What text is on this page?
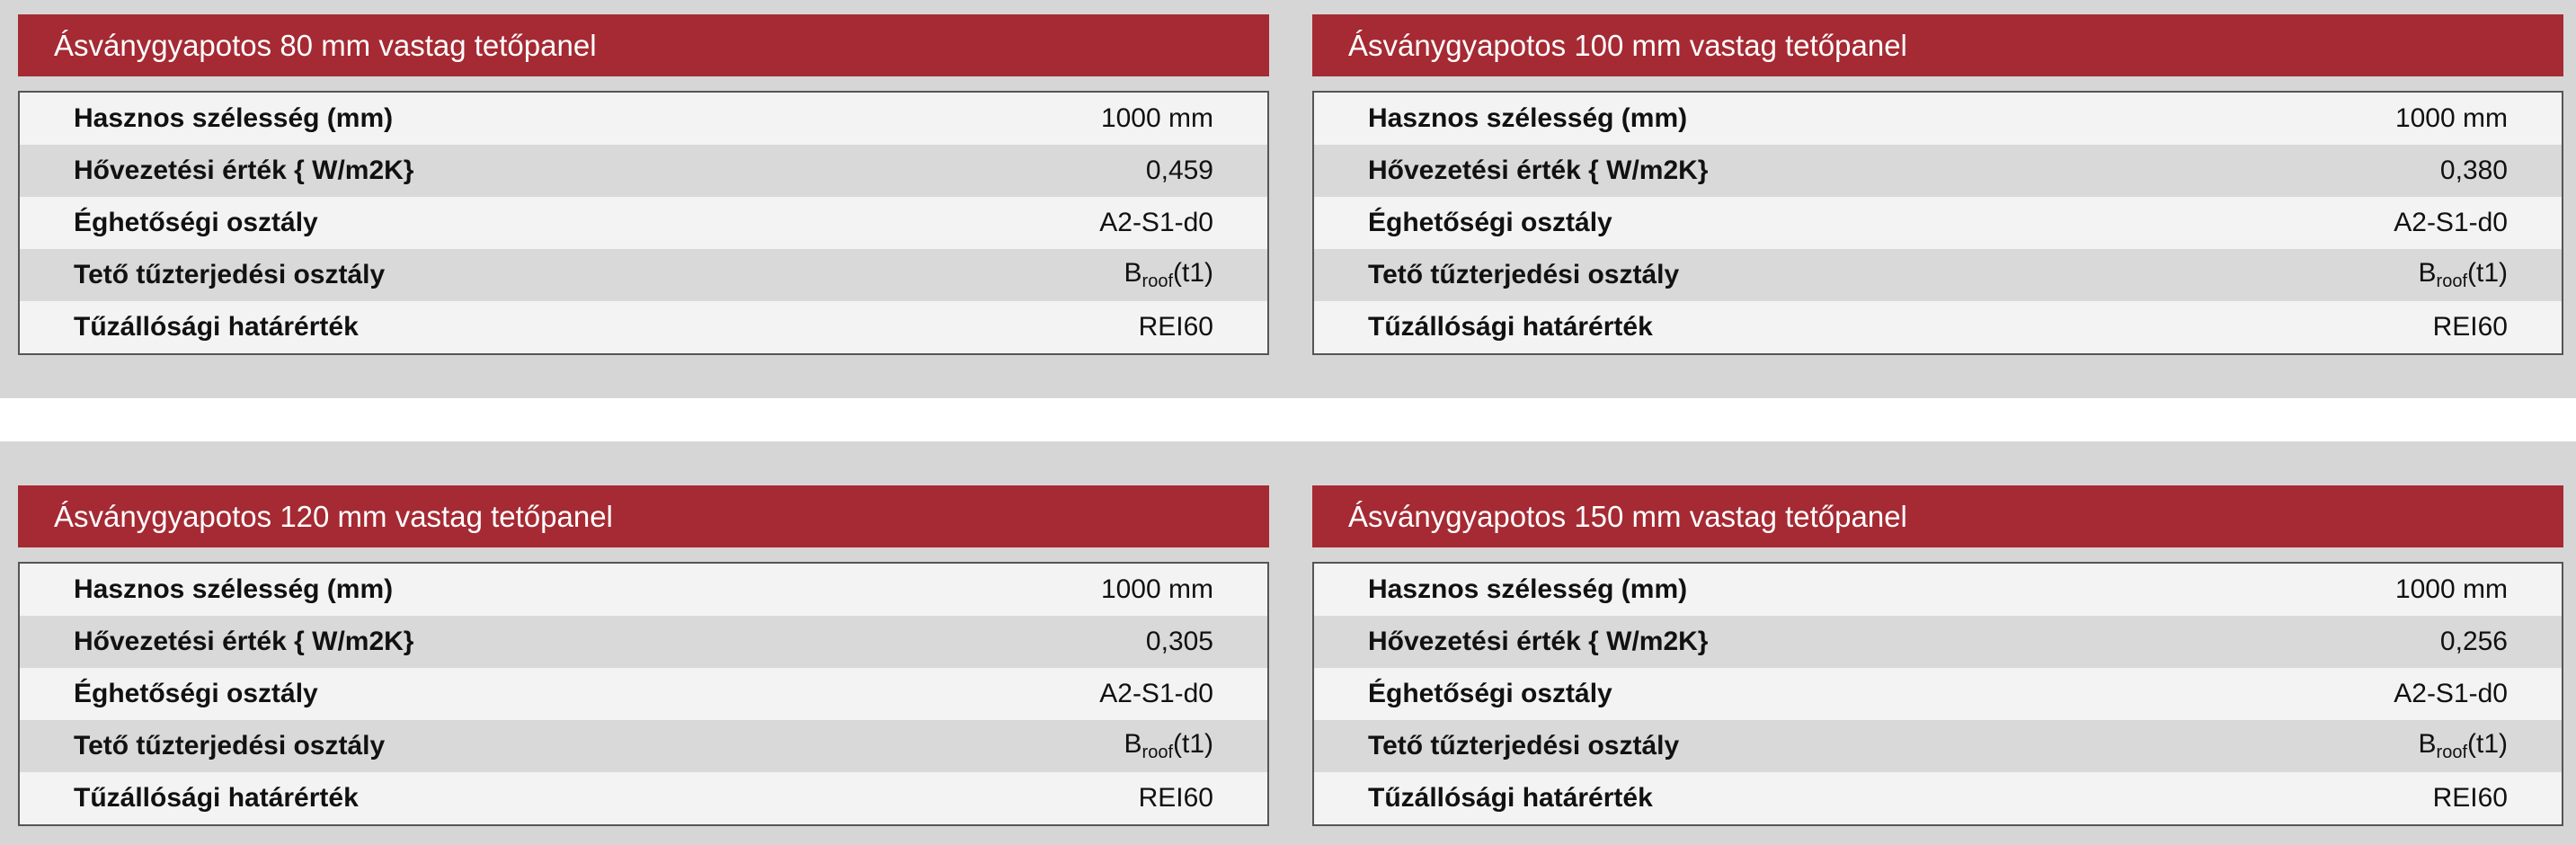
Ásványgyapotos 80 mm vastag tetőpanel
Hasznos szélesség (mm)	1000 mm
Hővezetési érték { W/m2K}	0,459
Éghetőségi osztály	A2-S1-d0
Tető tűzterjedési osztály	$B_{roof}(t1)$
Tűzállósági határérték	REI60
Ásványgyapotos 100 mm vastag tetőpanel
Hasznos szélesség (mm)	1000 mm
Hővezetési érték { W/m2K}	0,380
Éghetőségi osztály	A2-S1-d0
Tető tűzterjedési osztály	$B_{roof}(t1)$
Tűzállósági határérték	REI60
Ásványgyapotos 120 mm vastag tetőpanel
Hasznos szélesség (mm)	1000 mm
Hővezetési érték { W/m2K}	0,305
Éghetőségi osztály	A2-S1-d0
Tető tűzterjedési osztály	$B_{roof}(t1)$
Tűzállósági határérték	REI60
Ásványgyapotos 150 mm vastag tetőpanel
Hasznos szélesség (mm)	1000 mm
Hővezetési érték { W/m2K}	0,256
Éghetőségi osztály	A2-S1-d0
Tető tűzterjedési osztály	$B_{roof}(t1)$
Tűzállósági határérték	REI60
